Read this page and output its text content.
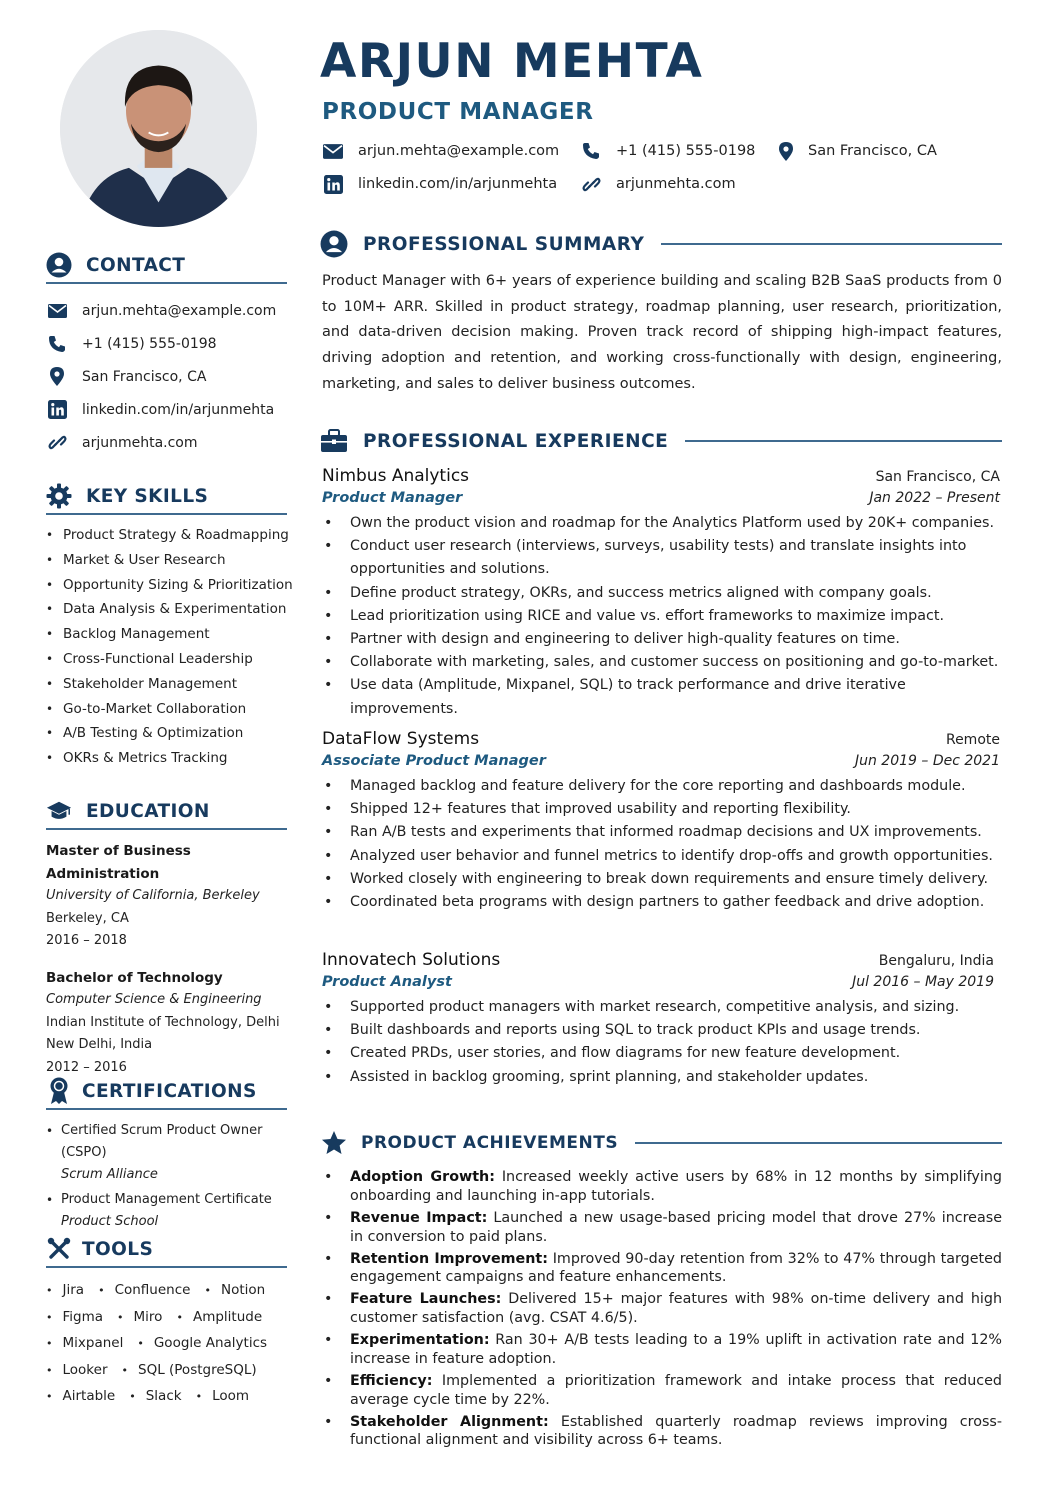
CONTACT
arjun.mehta@example.com
+1 (415) 555-0198
San Francisco, CA
linkedin.com/in/arjunmehta
arjunmehta.com
KEY SKILLS
• Product Strategy & Roadmapping
• Market & User Research
• Opportunity Sizing & Prioritization
• Data Analysis & Experimentation
• Backlog Management
• Cross-Functional Leadership
• Stakeholder Management
• Go-to-Market Collaboration
• A/B Testing & Optimization
• OKRs & Metrics Tracking
EDUCATION
Master of Business Administration
University of California, Berkeley
Berkeley, CA
2016 – 2018
Bachelor of Technology
Computer Science & Engineering
Indian Institute of Technology, Delhi
New Delhi, India
2012 – 2016
CERTIFICATIONS
• Certified Scrum Product Owner (CSPO)
Scrum Alliance
• Product Management Certificate
Product School
TOOLS
• Jira • Confluence • Notion
• Figma • Miro • Amplitude
• Mixpanel • Google Analytics
• Looker • SQL (PostgreSQL)
• Airtable • Slack • Loom
ARJUN MEHTA
PRODUCT MANAGER
arjun.mehta@example.com	+1 (415) 555-0198	San Francisco, CA
linkedin.com/in/arjunmehta	arjunmehta.com
PROFESSIONAL SUMMARY

Product Manager with 6+ years of experience building and scaling B2B SaaS products from 0 to 10M+ ARR. Skilled in product strategy, roadmap planning, user research, prioritization, and data-driven decision making. Proven track record of shipping high-impact features, driving adoption and retention, and working cross-functionally with design, engineering, marketing, and sales to deliver business outcomes.

PROFESSIONAL EXPERIENCE
Nimbus Analytics	San Francisco, CA
Product Manager	Jan 2022 – Present
• Own the product vision and roadmap for the Analytics Platform used by 20K+ companies.
• Conduct user research (interviews, surveys, usability tests) and translate insights into opportunities and solutions.
• Define product strategy, OKRs, and success metrics aligned with company goals.
• Lead prioritization using RICE and value vs. effort frameworks to maximize impact.
• Partner with design and engineering to deliver high-quality features on time.
• Collaborate with marketing, sales, and customer success on positioning and go-to-market.
• Use data (Amplitude, Mixpanel, SQL) to track performance and drive iterative improvements.
DataFlow Systems	Remote
Associate Product Manager	Jun 2019 – Dec 2021
• Managed backlog and feature delivery for the core reporting and dashboards module.
• Shipped 12+ features that improved usability and reporting flexibility.
• Ran A/B tests and experiments that informed roadmap decisions and UX improvements.
• Analyzed user behavior and funnel metrics to identify drop-offs and growth opportunities.
• Worked closely with engineering to break down requirements and ensure timely delivery.
• Coordinated beta programs with design partners to gather feedback and drive adoption.
Innovatech Solutions	Bengaluru, India
Product Analyst	Jul 2016 – May 2019
• Supported product managers with market research, competitive analysis, and sizing.
• Built dashboards and reports using SQL to track product KPIs and usage trends.
• Created PRDs, user stories, and flow diagrams for new feature development.
• Assisted in backlog grooming, sprint planning, and stakeholder updates.
PRODUCT ACHIEVEMENTS
• Adoption Growth: Increased weekly active users by 68% in 12 months by simplifying onboarding and launching in-app tutorials.
• Revenue Impact: Launched a new usage-based pricing model that drove 27% increase in conversion to paid plans.
• Retention Improvement: Improved 90-day retention from 32% to 47% through targeted engagement campaigns and feature enhancements.
• Feature Launches: Delivered 15+ major features with 98% on-time delivery and high customer satisfaction (avg. CSAT 4.6/5).
• Experimentation: Ran 30+ A/B tests leading to a 19% uplift in activation rate and 12% increase in feature adoption.
• Efficiency: Implemented a prioritization framework and intake process that reduced average cycle time by 22%.
• Stakeholder Alignment: Established quarterly roadmap reviews improving cross-functional alignment and visibility across 6+ teams.
